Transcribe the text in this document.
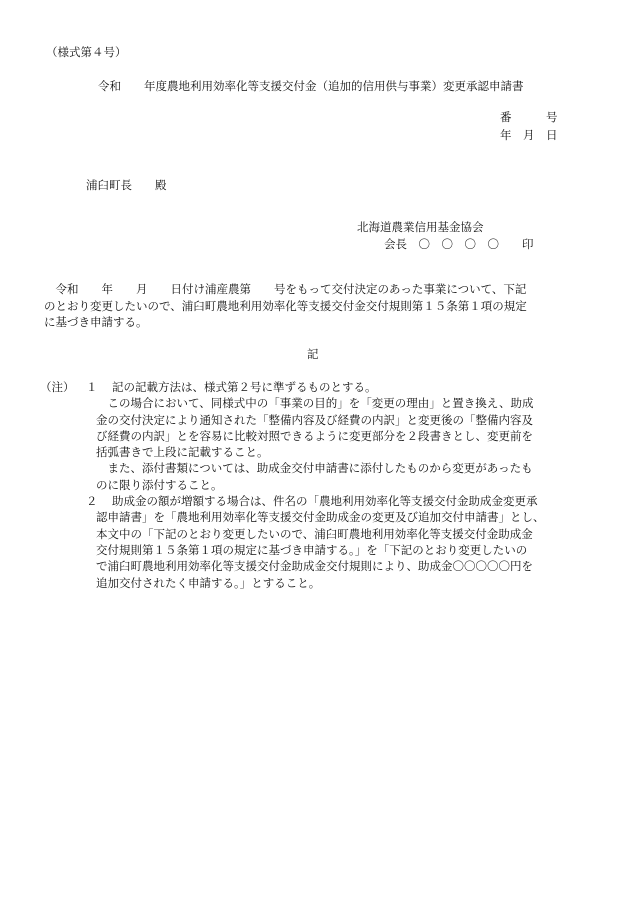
（様式第４号）
令和　　年度農地利用効率化等支援交付金（追加的信用供与事業）変更承認申請書
番　　　号
年　月　日
浦臼町長　　殿
北海道農業信用基金協会
会長　〇　〇　〇　〇　　印
　令和　　年　　月　　日付け浦産農第　　号をもって交付決定のあった事業について、下記
のとおり変更したいので、浦臼町農地利用効率化等支援交付金交付規則第１５条第１項の規定
に基づき申請する。
記
（注） １ 記の記載方法は、様式第２号に準ずるものとする。
　この場合において、同様式中の「事業の目的」を「変更の理由」と置き換え、助成
金の交付決定により通知された「整備内容及び経費の内訳」と変更後の「整備内容及
び経費の内訳」とを容易に比較対照できるように変更部分を２段書きとし、変更前を
括弧書きで上段に記載すること。
　また、添付書類については、助成金交付申請書に添付したものから変更があったも
のに限り添付すること。
２ 助成金の額が増額する場合は、件名の「農地利用効率化等支援交付金助成金変更承
認申請書」を「農地利用効率化等支援交付金助成金の変更及び追加交付申請書」とし、
本文中の「下記のとおり変更したいので、浦臼町農地利用効率化等支援交付金助成金
交付規則第１５条第１項の規定に基づき申請する。」を「下記のとおり変更したいの
で浦臼町農地利用効率化等支援交付金助成金交付規則により、助成金〇〇〇〇〇円を
追加交付されたく申請する。」とすること。
